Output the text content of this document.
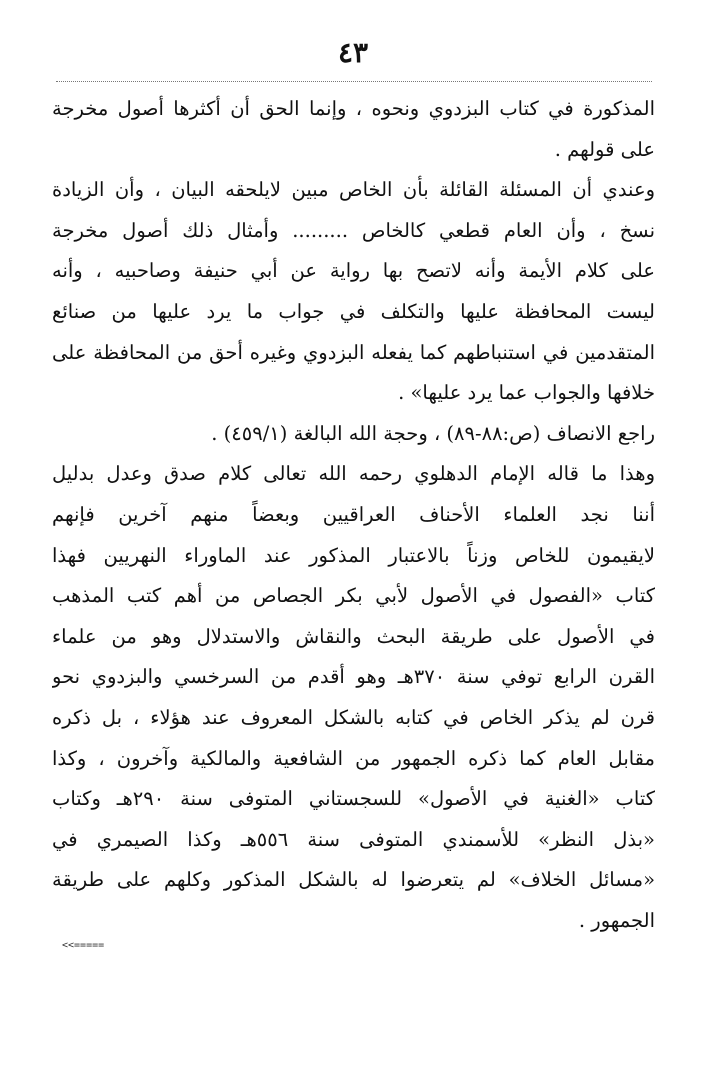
٤٣
المذكورة في كتاب البزدوي ونحوه ، وإنما الحق أن أكثرها أصول مخرجة
على قولهم .
وعندي أن المسئلة القائلة بأن الخاص مبين لايلحقه البيان ، وأن الزيادة
نسخ ، وأن العام قطعي كالخاص ......... وأمثال ذلك أصول مخرجة
على كلام الأيمة وأنه لاتصح بها رواية عن أبي حنيفة وصاحبيه ، وأنه
ليست المحافظة عليها والتكلف في جواب ما يرد عليها من صنائع
المتقدمين في استنباطهم كما يفعله البزدوي وغيره أحق من المحافظة على
خلافها والجواب عما يرد عليها» .
راجع الانصاف (ص:٨٨-٨٩) ، وحجة الله البالغة (٤٥٩/١) .
وهذا ما قاله الإمام الدهلوي رحمه الله تعالى كلام صدق وعدل بدليل
أننا نجد العلماء الأحناف العراقيين وبعضاً منهم آخرين فإنهم
لايقيمون للخاص وزناً بالاعتبار المذكور عند الماوراء النهريين فهذا
كتاب «الفصول في الأصول لأبي بكر الجصاص من أهم كتب المذهب
في الأصول على طريقة البحث والنقاش والاستدلال وهو من علماء
القرن الرابع توفي سنة ٣٧٠هـ وهو أقدم من السرخسي والبزدوي نحو
قرن لم يذكر الخاص في كتابه بالشكل المعروف عند هؤلاء ، بل ذكره
مقابل العام كما ذكره الجمهور من الشافعية والمالكية وآخرون ، وكذا
كتاب «الغنية في الأصول» للسجستاني المتوفى سنة ٢٩٠هـ وكتاب
«بذل النظر» للأسمندي المتوفى سنة ٥٥٦هـ وكذا الصيمري في
«مسائل الخلاف» لم يتعرضوا له بالشكل المذكور وكلهم على طريقة
الجمهور .
<<=====
